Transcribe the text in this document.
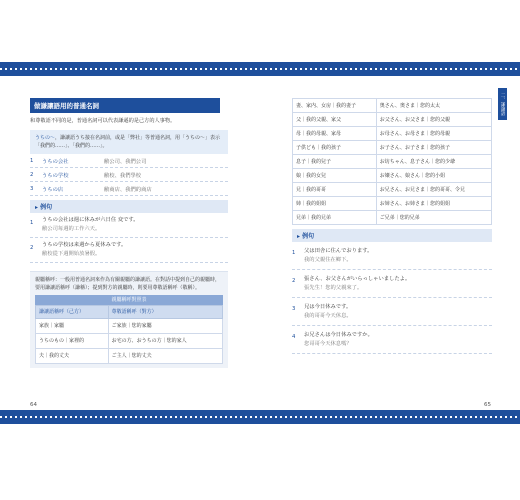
二、謙譲語
做謙讓語用的普通名詞
和尊敬語不同的是，普通名詞可以代表謙遜的是己方的人事物。
うちの～，謙讓語うち接在名詞前，或是「弊社」等普通名詞，用「うちの～」表示「我們的……」、「我們的……」。
1	うちの会社	敝公司、我們公司
2	うちの学校	敝校、我們學校
3	うちの店	敝商店、我們的商店
▸ 例句
1	うちの会社は週に休みが六日住 変です。
敝公司每週的工作六天。
2	うちの学校は来週から夏休みです。
敝校從下週開始放暑假。
親屬稱呼：一般用普通名詞來作為有關親屬的謙讓語。在對話中提到自己的親屬時，要用謙讓語稱呼（謙稱）；提到對方的親屬時，則要用尊敬語稱呼（敬稱）。
親屬稱呼對照表
謙讓語稱呼（己方）	尊敬語稱呼（對方）
家族｜家屬	ご家族｜您的家屬
うちのもの｜家裡的	お宅の方、おうちの方｜您的家人
夫｜我的丈夫	ご主人｜您的丈夫
妻、家内、女房｜我的妻子	奥さん、奥さま｜您的太太
父｜我的父親、家父	お父さん、お父さま｜您的父親
母｜我的母親、家母	お母さん、お母さま｜您的母親
子供ども｜我的孩子	お子さん、お子さま｜您的孩子
息子｜我的兒子	お坊ちゃん、息子さん｜您的少爺
娘｜我的女兒	お嬢さん、娘さん｜您的小姐
兄｜我的哥哥	お兄さん、お兄さま｜您的哥哥、令兄
姉｜我的姐姐	お姉さん、お姉さま｜您的姐姐
兄弟｜我的兄弟	ご兄弟｜您的兄弟
▸ 例句
1	父は田舎に住んでおります。
我的父親住在鄉下。
2	張さん、お父さんがいらっしゃいましたよ。
張先生！您的父親來了。
3	兄は今日休みです。
我的哥哥今天休息。
4	お兄さんは今日休みですか。
您哥哥今天休息嗎？
64	65
